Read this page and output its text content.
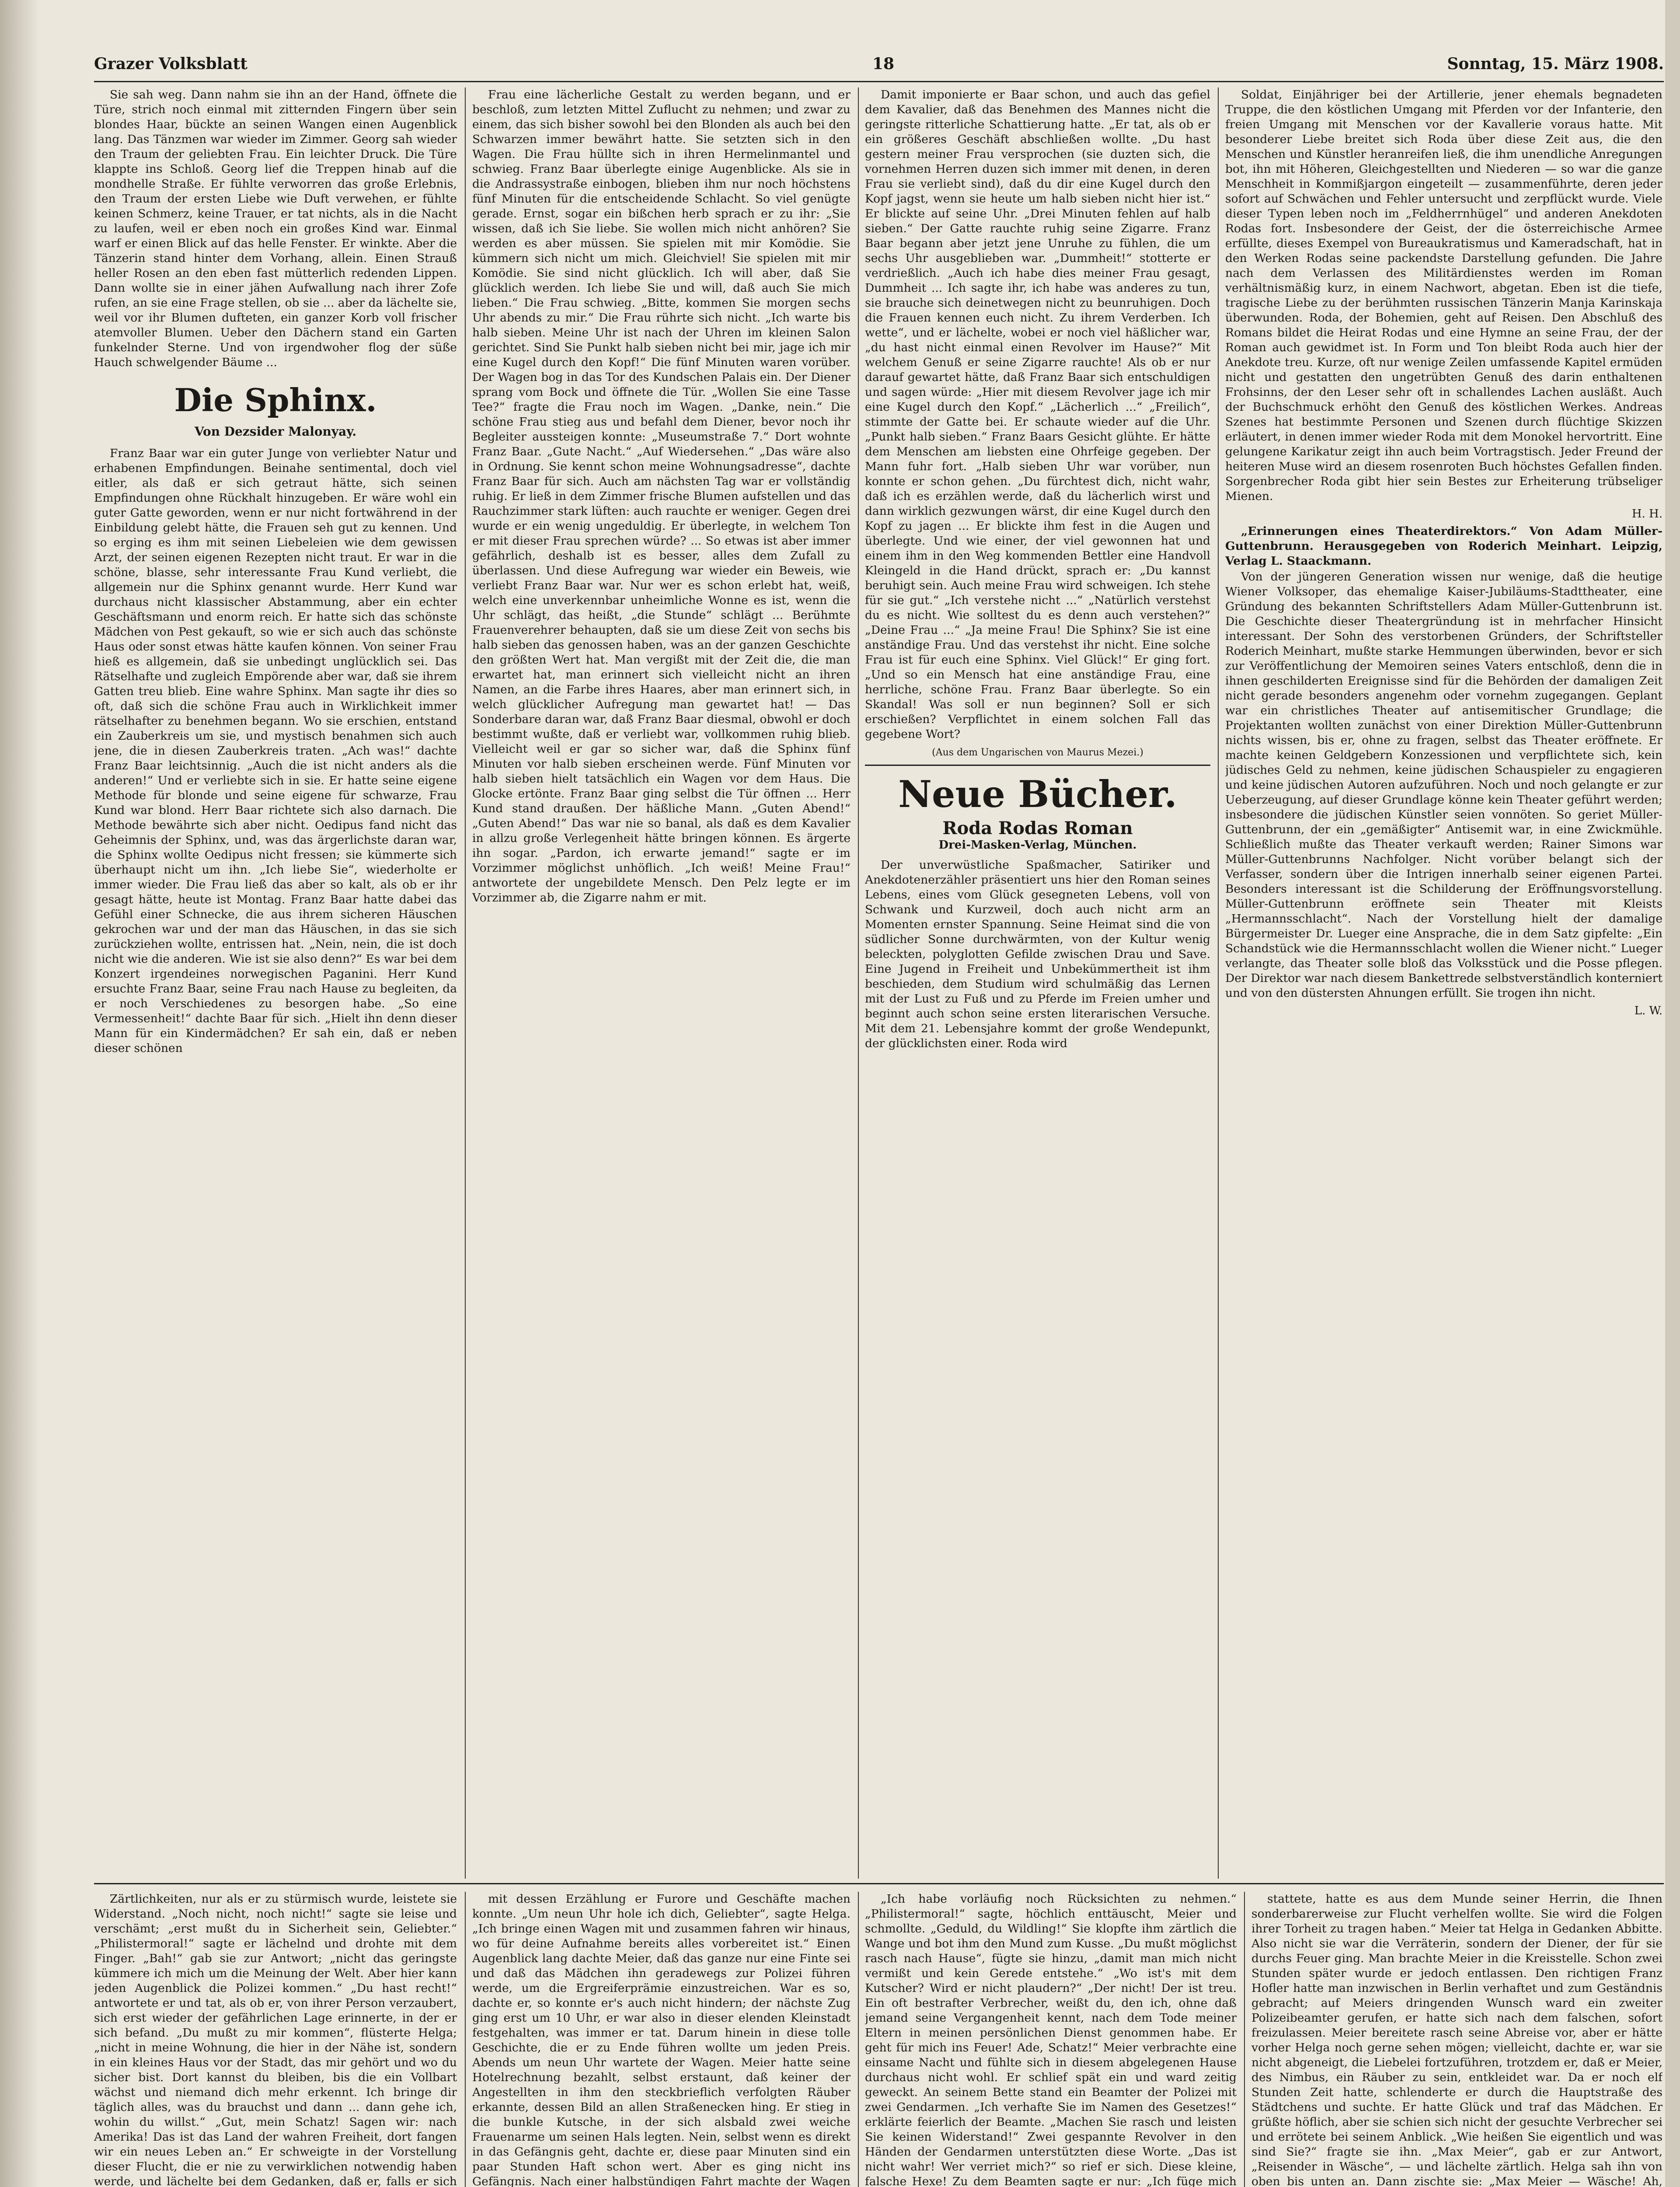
Grazer Volksblatt	18	Sonntag, 15. März 1908.

Sie sah weg. Dann nahm sie ihn an der Hand, öffnete die Türe, strich noch einmal mit zitternden Fingern über sein blondes Haar, bückte an seinen Wangen einen Augenblick lang. Das Tänzmen war wieder im Zimmer. Georg sah wieder den Traum der geliebten Frau. Ein leichter Druck. Die Türe klappte ins Schloß. Georg lief die Treppen hinab auf die mondhelle Straße. Er fühlte verworren das große Erlebnis, den Traum der ersten Liebe wie Duft verwehen, er fühlte keinen Schmerz, keine Trauer, er tat nichts, als in die Nacht zu laufen, weil er eben noch ein großes Kind war. Einmal warf er einen Blick auf das helle Fenster. Er winkte. Aber die Tänzerin stand hinter dem Vorhang, allein. Einen Strauß heller Rosen an den eben fast mütterlich redenden Lippen. Dann wollte sie in einer jähen Aufwallung nach ihrer Zofe rufen, an sie eine Frage stellen, ob sie ... aber da lächelte sie, weil vor ihr Blumen dufteten, ein ganzer Korb voll frischer atemvoller Blumen. Ueber den Dächern stand ein Garten funkelnder Sterne. Und von irgendwoher flog der süße Hauch schwelgender Bäume ...

Die Sphinx.
Von Dezsider Malonyay.

Franz Baar war ein guter Junge von verliebter Natur und erhabenen Empfindungen. Beinahe sentimental, doch viel eitler, als daß er sich getraut hätte, sich seinen Empfindungen ohne Rückhalt hinzugeben. Er wäre wohl ein guter Gatte geworden, wenn er nur nicht fortwährend in der Einbildung gelebt hätte, die Frauen seh gut zu kennen. Und so erging es ihm mit seinen Liebeleien wie dem gewissen Arzt, der seinen eigenen Rezepten nicht traut. Er war in die schöne, blasse, sehr interessante Frau Kund verliebt, die allgemein nur die Sphinx genannt wurde. Herr Kund war durchaus nicht klassischer Abstammung, aber ein echter Geschäftsmann und enorm reich. Er hatte sich das schönste Mädchen von Pest gekauft, so wie er sich auch das schönste Haus oder sonst etwas hätte kaufen können. Von seiner Frau hieß es allgemein, daß sie unbedingt unglücklich sei. Das Rätselhafte und zugleich Empörende aber war, daß sie ihrem Gatten treu blieb. Eine wahre Sphinx. Man sagte ihr dies so oft, daß sich die schöne Frau auch in Wirklichkeit immer rätselhafter zu benehmen begann. Wo sie erschien, entstand ein Zauberkreis um sie, und mystisch benahmen sich auch jene, die in diesen Zauberkreis traten. „Ach was!“ dachte Franz Baar leichtsinnig. „Auch die ist nicht anders als die anderen!“ Und er verliebte sich in sie. Er hatte seine eigene Methode für blonde und seine eigene für schwarze, Frau Kund war blond. Herr Baar richtete sich also darnach. Die Methode bewährte sich aber nicht. Oedipus fand nicht das Geheimnis der Sphinx, und, was das ärgerlichste daran war, die Sphinx wollte Oedipus nicht fressen; sie kümmerte sich überhaupt nicht um ihn. „Ich liebe Sie“, wiederholte er immer wieder. Die Frau ließ das aber so kalt, als ob er ihr gesagt hätte, heute ist Montag. Franz Baar hatte dabei das Gefühl einer Schnecke, die aus ihrem sicheren Häuschen gekrochen war und der man das Häuschen, in das sie sich zurückziehen wollte, entrissen hat. „Nein, nein, die ist doch nicht wie die anderen. Wie ist sie also denn?“ Es war bei dem Konzert irgendeines norwegischen Paganini. Herr Kund ersuchte Franz Baar, seine Frau nach Hause zu begleiten, da er noch Verschiedenes zu besorgen habe. „So eine Vermessenheit!“ dachte Baar für sich. „Hielt ihn denn dieser Mann für ein Kindermädchen? Er sah ein, daß er neben dieser schönen

Frau eine lächerliche Gestalt zu werden begann, und er beschloß, zum letzten Mittel Zuflucht zu nehmen; und zwar zu einem, das sich bisher sowohl bei den Blonden als auch bei den Schwarzen immer bewährt hatte. Sie setzten sich in den Wagen. Die Frau hüllte sich in ihren Hermelinmantel und schwieg. Franz Baar überlegte einige Augenblicke. Als sie in die Andrassystraße einbogen, blieben ihm nur noch höchstens fünf Minuten für die entscheidende Schlacht. So viel genügte gerade. Ernst, sogar ein bißchen herb sprach er zu ihr: „Sie wissen, daß ich Sie liebe. Sie wollen mich nicht anhören? Sie werden es aber müssen. Sie spielen mit mir Komödie. Sie kümmern sich nicht um mich. Gleichviel! Sie spielen mit mir Komödie. Sie sind nicht glücklich. Ich will aber, daß Sie glücklich werden. Ich liebe Sie und will, daß auch Sie mich lieben.“ Die Frau schwieg. „Bitte, kommen Sie morgen sechs Uhr abends zu mir.“ Die Frau rührte sich nicht. „Ich warte bis halb sieben. Meine Uhr ist nach der Uhren im kleinen Salon gerichtet. Sind Sie Punkt halb sieben nicht bei mir, jage ich mir eine Kugel durch den Kopf!“ Die fünf Minuten waren vorüber. Der Wagen bog in das Tor des Kundschen Palais ein. Der Diener sprang vom Bock und öffnete die Tür. „Wollen Sie eine Tasse Tee?“ fragte die Frau noch im Wagen. „Danke, nein.“ Die schöne Frau stieg aus und befahl dem Diener, bevor noch ihr Begleiter aussteigen konnte: „Museumstraße 7.“ Dort wohnte Franz Baar. „Gute Nacht.“ „Auf Wiedersehen.“ „Das wäre also in Ordnung. Sie kennt schon meine Wohnungsadresse“, dachte Franz Baar für sich. Auch am nächsten Tag war er vollständig ruhig. Er ließ in dem Zimmer frische Blumen aufstellen und das Rauchzimmer stark lüften: auch rauchte er weniger. Gegen drei wurde er ein wenig ungeduldig. Er überlegte, in welchem Ton er mit dieser Frau sprechen würde? ... So etwas ist aber immer gefährlich, deshalb ist es besser, alles dem Zufall zu überlassen. Und diese Aufregung war wieder ein Beweis, wie verliebt Franz Baar war. Nur wer es schon erlebt hat, weiß, welch eine unverkennbar unheimliche Wonne es ist, wenn die Uhr schlägt, das heißt, „die Stunde“ schlägt ... Berühmte Frauenverehrer behaupten, daß sie um diese Zeit von sechs bis halb sieben das genossen haben, was an der ganzen Geschichte den größten Wert hat. Man vergißt mit der Zeit die, die man erwartet hat, man erinnert sich vielleicht nicht an ihren Namen, an die Farbe ihres Haares, aber man erinnert sich, in welch glücklicher Aufregung man gewartet hat! — Das Sonderbare daran war, daß Franz Baar diesmal, obwohl er doch bestimmt wußte, daß er verliebt war, vollkommen ruhig blieb. Vielleicht weil er gar so sicher war, daß die Sphinx fünf Minuten vor halb sieben erscheinen werde. Fünf Minuten vor halb sieben hielt tatsächlich ein Wagen vor dem Haus. Die Glocke ertönte. Franz Baar ging selbst die Tür öffnen ... Herr Kund stand draußen. Der häßliche Mann. „Guten Abend!“ „Guten Abend!“ Das war nie so banal, als daß es dem Kavalier in allzu große Verlegenheit hätte bringen können. Es ärgerte ihn sogar. „Pardon, ich erwarte jemand!“ sagte er im Vorzimmer möglichst unhöflich. „Ich weiß! Meine Frau!“ antwortete der ungebildete Mensch. Den Pelz legte er im Vorzimmer ab, die Zigarre nahm er mit.

Damit imponierte er Baar schon, und auch das gefiel dem Kavalier, daß das Benehmen des Mannes nicht die geringste ritterliche Schattierung hatte. „Er tat, als ob er ein größeres Geschäft abschließen wollte. „Du hast gestern meiner Frau versprochen (sie duzten sich, die vornehmen Herren duzen sich immer mit denen, in deren Frau sie verliebt sind), daß du dir eine Kugel durch den Kopf jagst, wenn sie heute um halb sieben nicht hier ist.“ Er blickte auf seine Uhr. „Drei Minuten fehlen auf halb sieben.“ Der Gatte rauchte ruhig seine Zigarre. Franz Baar begann aber jetzt jene Unruhe zu fühlen, die um sechs Uhr ausgeblieben war. „Dummheit!“ stotterte er verdrießlich. „Auch ich habe dies meiner Frau gesagt, Dummheit ... Ich sagte ihr, ich habe was anderes zu tun, sie brauche sich deinetwegen nicht zu beunruhigen. Doch die Frauen kennen euch nicht. Zu ihrem Verderben. Ich wette“, und er lächelte, wobei er noch viel häßlicher war, „du hast nicht einmal einen Revolver im Hause?“ Mit welchem Genuß er seine Zigarre rauchte! Als ob er nur darauf gewartet hätte, daß Franz Baar sich entschuldigen und sagen würde: „Hier mit diesem Revolver jage ich mir eine Kugel durch den Kopf.“ „Lächerlich ...“ „Freilich“, stimmte der Gatte bei. Er schaute wieder auf die Uhr. „Punkt halb sieben.“ Franz Baars Gesicht glühte. Er hätte dem Menschen am liebsten eine Ohrfeige gegeben. Der Mann fuhr fort. „Halb sieben Uhr war vorüber, nun konnte er schon gehen. „Du fürchtest dich, nicht wahr, daß ich es erzählen werde, daß du lächerlich wirst und dann wirklich gezwungen wärst, dir eine Kugel durch den Kopf zu jagen ... Er blickte ihm fest in die Augen und überlegte. Und wie einer, der viel gewonnen hat und einem ihm in den Weg kommenden Bettler eine Handvoll Kleingeld in die Hand drückt, sprach er: „Du kannst beruhigt sein. Auch meine Frau wird schweigen. Ich stehe für sie gut.“ „Ich verstehe nicht ...“ „Natürlich verstehst du es nicht. Wie solltest du es denn auch verstehen?“ „Deine Frau ...“ „Ja meine Frau! Die Sphinx? Sie ist eine anständige Frau. Und das verstehst ihr nicht. Eine solche Frau ist für euch eine Sphinx. Viel Glück!“ Er ging fort. „Und so ein Mensch hat eine anständige Frau, eine herrliche, schöne Frau. Franz Baar überlegte. So ein Skandal! Was soll er nun beginnen? Soll er sich erschießen? Verpflichtet in einem solchen Fall das gegebene Wort?

(Aus dem Ungarischen von Maurus Mezei.)
Neue Bücher.
Roda Rodas Roman
Drei-Masken-Verlag, München.

Der unverwüstliche Spaßmacher, Satiriker und Anekdotenerzähler präsentiert uns hier den Roman seines Lebens, eines vom Glück gesegneten Lebens, voll von Schwank und Kurzweil, doch auch nicht arm an Momenten ernster Spannung. Seine Heimat sind die von südlicher Sonne durchwärmten, von der Kultur wenig beleckten, polyglotten Gefilde zwischen Drau und Save. Eine Jugend in Freiheit und Unbekümmertheit ist ihm beschieden, dem Studium wird schulmäßig das Lernen mit der Lust zu Fuß und zu Pferde im Freien umher und beginnt auch schon seine ersten literarischen Versuche. Mit dem 21. Lebensjahre kommt der große Wendepunkt, der glücklichsten einer. Roda wird

Soldat, Einjähriger bei der Artillerie, jener ehemals begnadeten Truppe, die den köstlichen Umgang mit Pferden vor der Infanterie, den freien Umgang mit Menschen vor der Kavallerie voraus hatte. Mit besonderer Liebe breitet sich Roda über diese Zeit aus, die den Menschen und Künstler heranreifen ließ, die ihm unendliche Anregungen bot, ihn mit Höheren, Gleichgestellten und Niederen — so war die ganze Menschheit in Kommißjargon eingeteilt — zusammenführte, deren jeder sofort auf Schwächen und Fehler untersucht und zerpflückt wurde. Viele dieser Typen leben noch im „Feldherrnhügel“ und anderen Anekdoten Rodas fort. Insbesondere der Geist, der die österreichische Armee erfüllte, dieses Exempel von Bureaukratismus und Kameradschaft, hat in den Werken Rodas seine packendste Darstellung gefunden. Die Jahre nach dem Verlassen des Militärdienstes werden im Roman verhältnismäßig kurz, in einem Nachwort, abgetan. Eben ist die tiefe, tragische Liebe zu der berühmten russischen Tänzerin Manja Karinskaja überwunden. Roda, der Bohemien, geht auf Reisen. Den Abschluß des Romans bildet die Heirat Rodas und eine Hymne an seine Frau, der der Roman auch gewidmet ist. In Form und Ton bleibt Roda auch hier der Anekdote treu. Kurze, oft nur wenige Zeilen umfassende Kapitel ermüden nicht und gestatten den ungetrübten Genuß des darin enthaltenen Frohsinns, der den Leser sehr oft in schallendes Lachen ausläßt. Auch der Buchschmuck erhöht den Genuß des köstlichen Werkes. Andreas Szenes hat bestimmte Personen und Szenen durch flüchtige Skizzen erläutert, in denen immer wieder Roda mit dem Monokel hervortritt. Eine gelungene Karikatur zeigt ihn auch beim Vortragstisch. Jeder Freund der heiteren Muse wird an diesem rosenroten Buch höchstes Gefallen finden. Sorgenbrecher Roda gibt hier sein Bestes zur Erheiterung trübseliger Mienen.

H. H.

„Erinnerungen eines Theaterdirektors.“ Von Adam Müller-Guttenbrunn. Herausgegeben von Roderich Meinhart. Leipzig, Verlag L. Staackmann.

Von der jüngeren Generation wissen nur wenige, daß die heutige Wiener Volksoper, das ehemalige Kaiser-Jubiläums-Stadttheater, eine Gründung des bekannten Schriftstellers Adam Müller-Guttenbrunn ist. Die Geschichte dieser Theatergründung ist in mehrfacher Hinsicht interessant. Der Sohn des verstorbenen Gründers, der Schriftsteller Roderich Meinhart, mußte starke Hemmungen überwinden, bevor er sich zur Veröffentlichung der Memoiren seines Vaters entschloß, denn die in ihnen geschilderten Ereignisse sind für die Behörden der damaligen Zeit nicht gerade besonders angenehm oder vornehm zugegangen. Geplant war ein christliches Theater auf antisemitischer Grundlage; die Projektanten wollten zunächst von einer Direktion Müller-Guttenbrunn nichts wissen, bis er, ohne zu fragen, selbst das Theater eröffnete. Er machte keinen Geldgebern Konzessionen und verpflichtete sich, kein jüdisches Geld zu nehmen, keine jüdischen Schauspieler zu engagieren und keine jüdischen Autoren aufzuführen. Noch und noch gelangte er zur Ueberzeugung, auf dieser Grundlage könne kein Theater geführt werden; insbesondere die jüdischen Künstler seien vonnöten. So geriet Müller-Guttenbrunn, der ein „gemäßigter“ Antisemit war, in eine Zwickmühle. Schließlich mußte das Theater verkauft werden; Rainer Simons war Müller-Guttenbrunns Nachfolger. Nicht vorüber belangt sich der Verfasser, sondern über die Intrigen innerhalb seiner eigenen Partei. Besonders interessant ist die Schilderung der Eröffnungsvorstellung. Müller-Guttenbrunn eröffnete sein Theater mit Kleists „Hermannsschlacht“. Nach der Vorstellung hielt der damalige Bürgermeister Dr. Lueger eine Ansprache, die in dem Satz gipfelte: „Ein Schandstück wie die Hermannsschlacht wollen die Wiener nicht.“ Lueger verlangte, das Theater solle bloß das Volksstück und die Posse pflegen. Der Direktor war nach diesem Bankettrede selbstverständlich konterniert und von den düstersten Ahnungen erfüllt. Sie trogen ihn nicht.

L. W.

Zärtlichkeiten, nur als er zu stürmisch wurde, leistete sie Widerstand. „Noch nicht, noch nicht!“ sagte sie leise und verschämt; „erst mußt du in Sicherheit sein, Geliebter.“ „Philistermoral!“ sagte er lächelnd und drohte mit dem Finger. „Bah!“ gab sie zur Antwort; „nicht das geringste kümmere ich mich um die Meinung der Welt. Aber hier kann jeden Augenblick die Polizei kommen.“ „Du hast recht!“ antwortete er und tat, als ob er, von ihrer Person verzaubert, sich erst wieder der gefährlichen Lage erinnerte, in der er sich befand. „Du mußt zu mir kommen“, flüsterte Helga; „nicht in meine Wohnung, die hier in der Nähe ist, sondern in ein kleines Haus vor der Stadt, das mir gehört und wo du sicher bist. Dort kannst du bleiben, bis die ein Vollbart wächst und niemand dich mehr erkennt. Ich bringe dir täglich alles, was du brauchst und dann ... dann gehe ich, wohin du willst.“ „Gut, mein Schatz! Sagen wir: nach Amerika! Das ist das Land der wahren Freiheit, dort fangen wir ein neues Leben an.“ Er schweigte in der Vorstellung dieser Flucht, die er nie zu verwirklichen notwendig haben werde, und lächelte bei dem Gedanken, daß er, falls er sich

mit dessen Erzählung er Furore und Geschäfte machen konnte. „Um neun Uhr hole ich dich, Geliebter“, sagte Helga. „Ich bringe einen Wagen mit und zusammen fahren wir hinaus, wo für deine Aufnahme bereits alles vorbereitet ist.“ Einen Augenblick lang dachte Meier, daß das ganze nur eine Finte sei und daß das Mädchen ihn geradewegs zur Polizei führen werde, um die Ergreiferprämie einzustreichen. War es so, dachte er, so konnte er's auch nicht hindern; der nächste Zug ging erst um 10 Uhr, er war also in dieser elenden Kleinstadt festgehalten, was immer er tat. Darum hinein in diese tolle Geschichte, die er zu Ende führen wollte um jeden Preis. Abends um neun Uhr wartete der Wagen. Meier hatte seine Hotelrechnung bezahlt, selbst erstaunt, daß keiner der Angestellten in ihm den steckbrieflich verfolgten Räuber erkannte, dessen Bild an allen Straßenecken hing. Er stieg in die bunkle Kutsche, in der sich alsbald zwei weiche Frauenarme um seinen Hals legten. Nein, selbst wenn es direkt in das Gefängnis geht, dachte er, diese paar Minuten sind ein paar Stunden Haft schon wert. Aber es ging nicht ins Gefängnis. Nach einer halbstündigen Fahrt machte der Wagen

„Ich habe vorläufig noch Rücksichten zu nehmen.“ „Philistermoral!“ sagte, höchlich enttäuscht, Meier und schmollte. „Geduld, du Wildling!“ Sie klopfte ihm zärtlich die Wange und bot ihm den Mund zum Kusse. „Du mußt möglichst rasch nach Hause“, fügte sie hinzu, „damit man mich nicht vermißt und kein Gerede entstehe.“ „Wo ist's mit dem Kutscher? Wird er nicht plaudern?“ „Der nicht! Der ist treu. Ein oft bestrafter Verbrecher, weißt du, den ich, ohne daß jemand seine Vergangenheit kennt, nach dem Tode meiner Eltern in meinen persönlichen Dienst genommen habe. Er geht für mich ins Feuer! Ade, Schatz!“ Meier verbrachte eine einsame Nacht und fühlte sich in diesem abgelegenen Hause durchaus nicht wohl. Er schlief spät ein und ward zeitig geweckt. An seinem Bette stand ein Beamter der Polizei mit zwei Gendarmen. „Ich verhafte Sie im Namen des Gesetzes!“ erklärte feierlich der Beamte. „Machen Sie rasch und leisten Sie keinen Widerstand!“ Zwei gespannte Revolver in den Händen der Gendarmen unterstützten diese Worte. „Das ist nicht wahr! Wer verriet mich?“ so rief er sich. Diese kleine, falsche Hexe! Zu dem Beamten sagte er nur: „Ich füge mich

stattete, hatte es aus dem Munde seiner Herrin, die Ihnen sonderbarerweise zur Flucht verhelfen wollte. Sie wird die Folgen ihrer Torheit zu tragen haben.“ Meier tat Helga in Gedanken Abbitte. Also nicht sie war die Verräterin, sondern der Diener, der für sie durchs Feuer ging. Man brachte Meier in die Kreisstelle. Schon zwei Stunden später wurde er jedoch entlassen. Den richtigen Franz Hofler hatte man inzwischen in Berlin verhaftet und zum Geständnis gebracht; auf Meiers dringenden Wunsch ward ein zweiter Polizeibeamter gerufen, er hatte sich nach dem falschen, sofort freizulassen. Meier bereitete rasch seine Abreise vor, aber er hätte vorher Helga noch gerne sehen mögen; vielleicht, dachte er, war sie nicht abgeneigt, die Liebelei fortzuführen, trotzdem er, daß er Meier, des Nimbus, ein Räuber zu sein, entkleidet war. Da er noch elf Stunden Zeit hatte, schlenderte er durch die Hauptstraße des Städtchens und suchte. Er hatte Glück und traf das Mädchen. Er grüßte höflich, aber sie schien sich nicht der gesuchte Verbrecher sei und errötete bei seinem Anblick. „Wie heißen Sie eigentlich und was sind Sie?“ fragte sie ihn. „Max Meier“, gab er zur Antwort, „Reisender in Wäsche“, — und lächelte zärtlich. Helga sah ihn von oben bis unten an. Dann zischte sie: „Max Meier — Wäsche! Ah,
